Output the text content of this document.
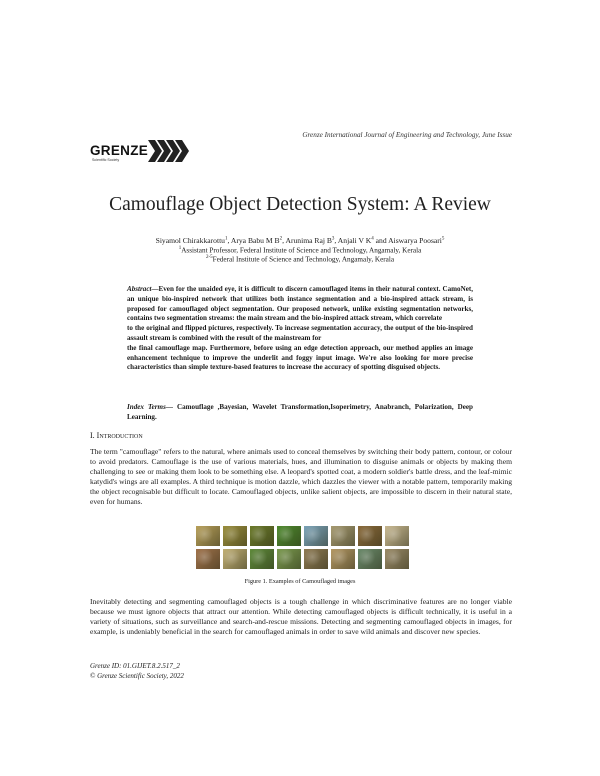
Grenze International Journal of Engineering and Technology, June Issue
GRENZE
Scientific Society
Camouflage Object Detection System: A Review
Siyamol Chirakkarottu$^1$, Arya Babu M $B^2$, Arunima Raj $B^3$, Anjali V $K^4$ and Aiswarya Poosari$^5$
$^1$Assistant Professor, Federal Institute of Science and Technology, Angamaly, Kerala
$^{2-5}$Federal Institute of Science and Technology, Angamaly, Kerala
Abstract—Even for the unaided eye, it is difficult to discern camouflaged items in their natural context. CamoNet, an unique bio-inspired network that utilizes both instance segmentation and a bio-inspired attack stream, is proposed for camouflaged object segmentation. Our proposed network, unlike existing segmentation networks, contains two segmentation streams: the main stream and the bio-inspired attack stream, which correlate
to the original and flipped pictures, respectively. To increase segmentation accuracy, the output of the bio-inspired assault stream is combined with the result of the mainstream for
the final camouflage map. Furthermore, before using an edge detection approach, our method applies an image enhancement technique to improve the underlit and foggy input image. We're also looking for more precise characteristics than simple texture-based features to increase the accuracy of spotting disguised objects.
Index Terms— Camouflage ,Bayesian, Wavelet Transformation,Isoperimetry, Anabranch, Polarization, Deep Learning.
I. Introduction
The term "camouflage" refers to the natural, where animals used to conceal themselves by switching their body pattern, contour, or colour to avoid predators. Camouflage is the use of various materials, hues, and illumination to disguise animals or objects by making them challenging to see or making them look to be something else. A leopard's spotted coat, a modern soldier's battle dress, and the leaf-mimic katydid's wings are all examples. A third technique is motion dazzle, which dazzles the viewer with a notable pattern, temporarily making the object recognisable but difficult to locate. Camouflaged objects, unlike salient objects, are impossible to discern in their natural state, even for humans.
Figure 1. Examples of Camouflaged images
Inevitably detecting and segmenting camouflaged objects is a tough challenge in which discriminative features are no longer viable because we must ignore objects that attract our attention. While detecting camouflaged objects is difficult technically, it is useful in a variety of situations, such as surveillance and search-and-rescue missions. Detecting and segmenting camouflaged objects in images, for example, is undeniably beneficial in the search for camouflaged animals in order to save wild animals and discover new species.
Grenze ID: 01.GIJET.8.2.517_2
© Grenze Scientific Society, 2022
